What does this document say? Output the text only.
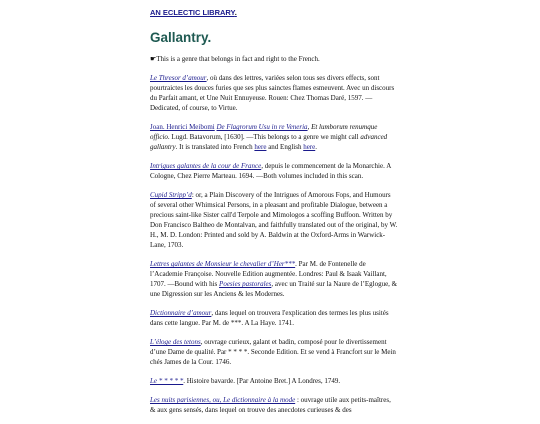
AN ECLECTIC LIBRARY.
Gallantry.

☛This is a genre that belongs in fact and right to the French.

Le Thresor d’amour, où dans des lettres, variées selon tous ses divers effects, sont pourtraictes les douces furies que ses plus sainctes flames esmeuvent. Avec un discours du Parfait amant, et Une Nuit Ennuyeuse. Rouen: Chez Thomas Daré, 1597. —Dedicated, of course, to Virtue.

Joan. Henrici Meibomi De Flagrorum Usu in re Veneria, Et lumborum renumque officio. Lugd. Batavorum, [1630]. —This belongs to a genre we might call advanced gallantry. It is translated into French here and English here.

Intrigues galantes de la cour de France, depuis le commencement de la Monarchie. A Cologne, Chez Pierre Marteau. 1694. —Both volumes included in this scan.

Cupid Stripp’d: or, a Plain Discovery of the Intrigues of Amorous Fops, and Humours of several other Whimsical Persons, in a pleasant and profitable Dialogue, between a precious saint-like Sister call'd Terpole and Mimologos a scoffing Buffoon. Written by Don Francisco Baltheo de Montalvan, and faithfully translated out of the original, by W. H., M. D. London: Printed and sold by A. Baldwin at the Oxford-Arms in Warwick-Lane, 1703.

Lettres galantes de Monsieur le chevalier d’Her***. Par M. de Fontenelle de l’Academie Françoise. Nouvelle Edition augmentée. Londres: Paul & Isaak Vaillant, 1707. —Bound with his Poesies pastorales, avec un Traité sur la Naure de l’Eglogue, & une Digression sur les Anciens & les Modernes.

Dictionnaire d’amour, dans lequel on trouvera l'explication des termes les plus usités dans cette langue. Par M. de ***. A La Haye. 1741.

L’éloge des tetons, ouvrage curieux, galant et badin, composé pour le divertissement d’une Dame de qualité. Par * * * *. Seconde Edition. Et se vend à Francfort sur le Mein chés James de la Cour. 1746.

Le * * * * *. Histoire bavarde. [Par Antoine Bret.] A Londres, 1749.

Les nuits parisiennes, ou, Le dictionnaire à la mode : ouvrage utile aux petits-maîtres, & aux gens sensés, dans lequel on trouve des anecdotes curieuses & des
